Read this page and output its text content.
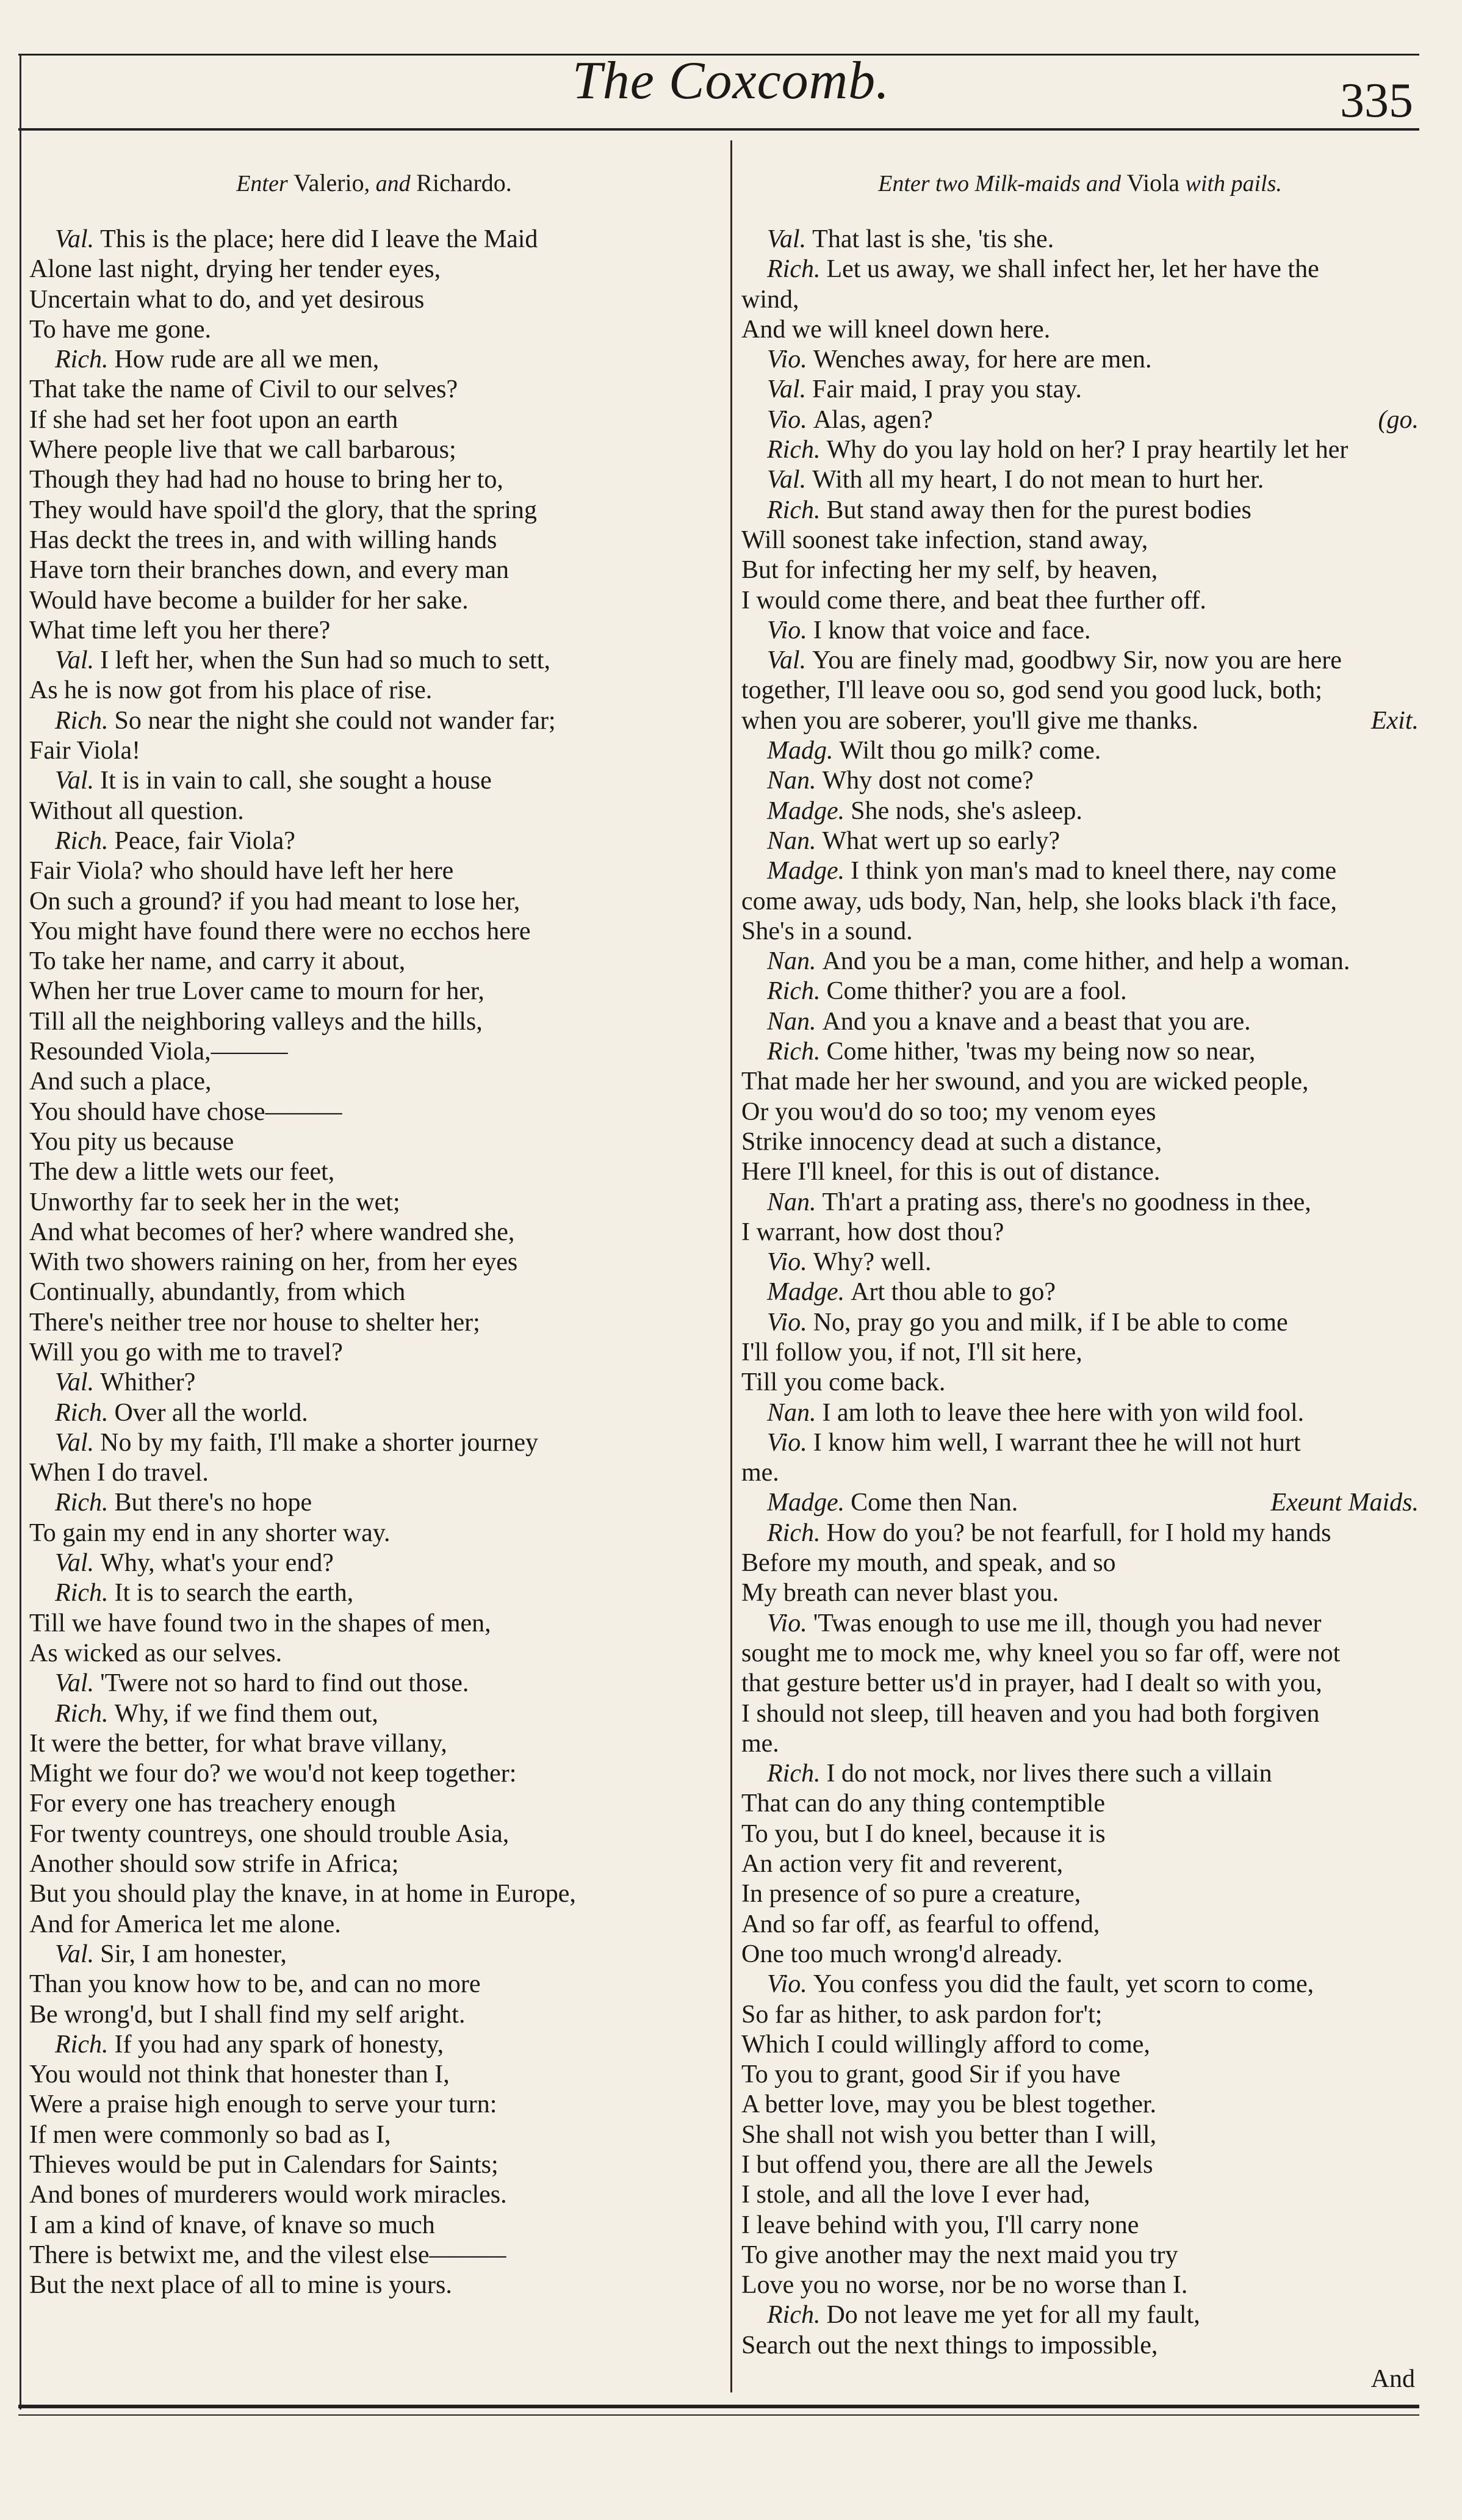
The Coxcomb.	335
Enter Valerio, and Richardo.
Val. This is the place; here did I leave the Maid
Alone last night, drying her tender eyes,
Uncertain what to do, and yet desirous
To have me gone.
Rich. How rude are all we men,
That take the name of Civil to our selves?
If she had set her foot upon an earth
Where people live that we call barbarous;
Though they had had no house to bring her to,
They would have spoil'd the glory, that the spring
Has deckt the trees in, and with willing hands
Have torn their branches down, and every man
Would have become a builder for her sake.
What time left you her there?
Val. I left her, when the Sun had so much to sett,
As he is now got from his place of rise.
Rich. So near the night she could not wander far;
Fair Viola!
Val. It is in vain to call, she sought a house
Without all question.
Rich. Peace, fair Viola?
Fair Viola? who should have left her here
On such a ground? if you had meant to lose her,
You might have found there were no ecchos here
To take her name, and carry it about,
When her true Lover came to mourn for her,
Till all the neighboring valleys and the hills,
Resounded Viola,———
And such a place,
You should have chose———
You pity us because
The dew a little wets our feet,
Unworthy far to seek her in the wet;
And what becomes of her? where wandred she,
With two showers raining on her, from her eyes
Continually, abundantly, from which
There's neither tree nor house to shelter her;
Will you go with me to travel?
Val. Whither?
Rich. Over all the world.
Val. No by my faith, I'll make a shorter journey
When I do travel.
Rich. But there's no hope
To gain my end in any shorter way.
Val. Why, what's your end?
Rich. It is to search the earth,
Till we have found two in the shapes of men,
As wicked as our selves.
Val. 'Twere not so hard to find out those.
Rich. Why, if we find them out,
It were the better, for what brave villany,
Might we four do? we wou'd not keep together:
For every one has treachery enough
For twenty countreys, one should trouble Asia,
Another should sow strife in Africa;
But you should play the knave, in at home in Europe,
And for America let me alone.
Val. Sir, I am honester,
Than you know how to be, and can no more
Be wrong'd, but I shall find my self aright.
Rich. If you had any spark of honesty,
You would not think that honester than I,
Were a praise high enough to serve your turn:
If men were commonly so bad as I,
Thieves would be put in Calendars for Saints;
And bones of murderers would work miracles.
I am a kind of knave, of knave so much
There is betwixt me, and the vilest else———
But the next place of all to mine is yours.
Enter two Milk-maids and Viola with pails.
Val. That last is she, 'tis she.
Rich. Let us away, we shall infect her, let her have the
wind,
And we will kneel down here.
Vio. Wenches away, for here are men.
Val. Fair maid, I pray you stay.
Vio. Alas, agen?	(go.
Rich. Why do you lay hold on her? I pray heartily let her
Val. With all my heart, I do not mean to hurt her.
Rich. But stand away then for the purest bodies
Will soonest take infection, stand away,
But for infecting her my self, by heaven,
I would come there, and beat thee further off.
Vio. I know that voice and face.
Val. You are finely mad, goodbwy Sir, now you are here
together, I'll leave oou so, god send you good luck, both;
when you are soberer, you'll give me thanks.	Exit.
Madg. Wilt thou go milk? come.
Nan. Why dost not come?
Madge. She nods, she's asleep.
Nan. What wert up so early?
Madge. I think yon man's mad to kneel there, nay come
come away, uds body, Nan, help, she looks black i'th face,
She's in a sound.
Nan. And you be a man, come hither, and help a woman.
Rich. Come thither? you are a fool.
Nan. And you a knave and a beast that you are.
Rich. Come hither, 'twas my being now so near,
That made her her swound, and you are wicked people,
Or you wou'd do so too; my venom eyes
Strike innocency dead at such a distance,
Here I'll kneel, for this is out of distance.
Nan. Th'art a prating ass, there's no goodness in thee,
I warrant, how dost thou?
Vio. Why? well.
Madge. Art thou able to go?
Vio. No, pray go you and milk, if I be able to come
I'll follow you, if not, I'll sit here,
Till you come back.
Nan. I am loth to leave thee here with yon wild fool.
Vio. I know him well, I warrant thee he will not hurt
me.
Madge. Come then Nan.	Exeunt Maids.
Rich. How do you? be not fearfull, for I hold my hands
Before my mouth, and speak, and so
My breath can never blast you.
Vio. 'Twas enough to use me ill, though you had never
sought me to mock me, why kneel you so far off, were not
that gesture better us'd in prayer, had I dealt so with you,
I should not sleep, till heaven and you had both forgiven
me.
Rich. I do not mock, nor lives there such a villain
That can do any thing contemptible
To you, but I do kneel, because it is
An action very fit and reverent,
In presence of so pure a creature,
And so far off, as fearful to offend,
One too much wrong'd already.
Vio. You confess you did the fault, yet scorn to come,
So far as hither, to ask pardon for't;
Which I could willingly afford to come,
To you to grant, good Sir if you have
A better love, may you be blest together.
She shall not wish you better than I will,
I but offend you, there are all the Jewels
I stole, and all the love I ever had,
I leave behind with you, I'll carry none
To give another may the next maid you try
Love you no worse, nor be no worse than I.
Rich. Do not leave me yet for all my fault,
Search out the next things to impossible,
And
